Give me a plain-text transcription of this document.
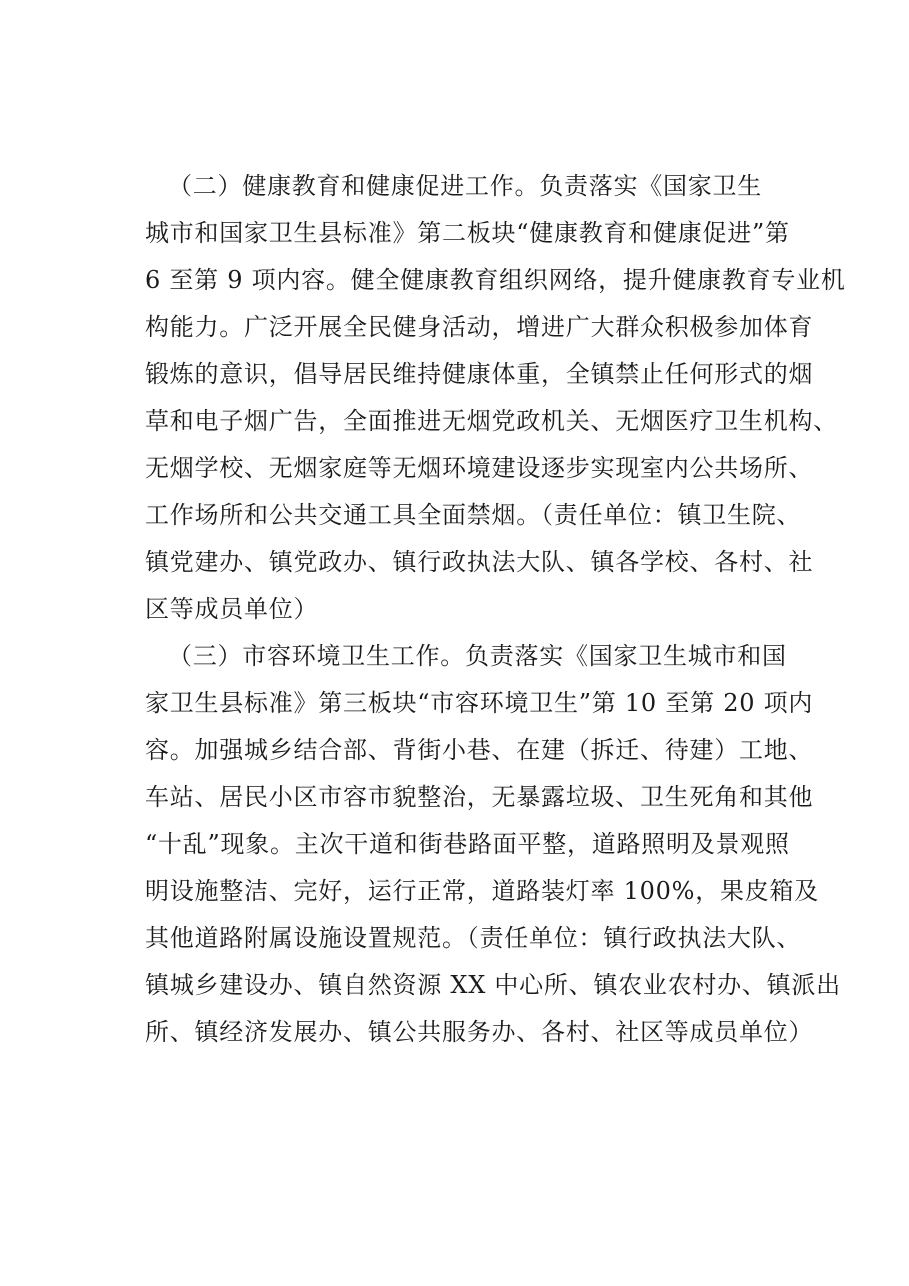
（二）健康教育和健康促进工作。负责落实《国家卫生
城市和国家卫生县标准》第二板块“健康教育和健康促进”第
6 至第 9 项内容。健全健康教育组织网络，提升健康教育专业机
构能力。广泛开展全民健身活动，增进广大群众积极参加体育
锻炼的意识，倡导居民维持健康体重，全镇禁止任何形式的烟
草和电子烟广告，全面推进无烟党政机关、无烟医疗卫生机构、
无烟学校、无烟家庭等无烟环境建设逐步实现室内公共场所、
工作场所和公共交通工具全面禁烟。（责任单位：镇卫生院、
镇党建办、镇党政办、镇行政执法大队、镇各学校、各村、社
区等成员单位）
（三）市容环境卫生工作。负责落实《国家卫生城市和国
家卫生县标准》第三板块“市容环境卫生”第 10 至第 20 项内
容。加强城乡结合部、背街小巷、在建（拆迁、待建）工地、
车站、居民小区市容市貌整治，无暴露垃圾、卫生死角和其他
“十乱”现象。主次干道和街巷路面平整，道路照明及景观照
明设施整洁、完好，运行正常，道路装灯率 100%，果皮箱及
其他道路附属设施设置规范。（责任单位：镇行政执法大队、
镇城乡建设办、镇自然资源 XX 中心所、镇农业农村办、镇派出
所、镇经济发展办、镇公共服务办、各村、社区等成员单位）
